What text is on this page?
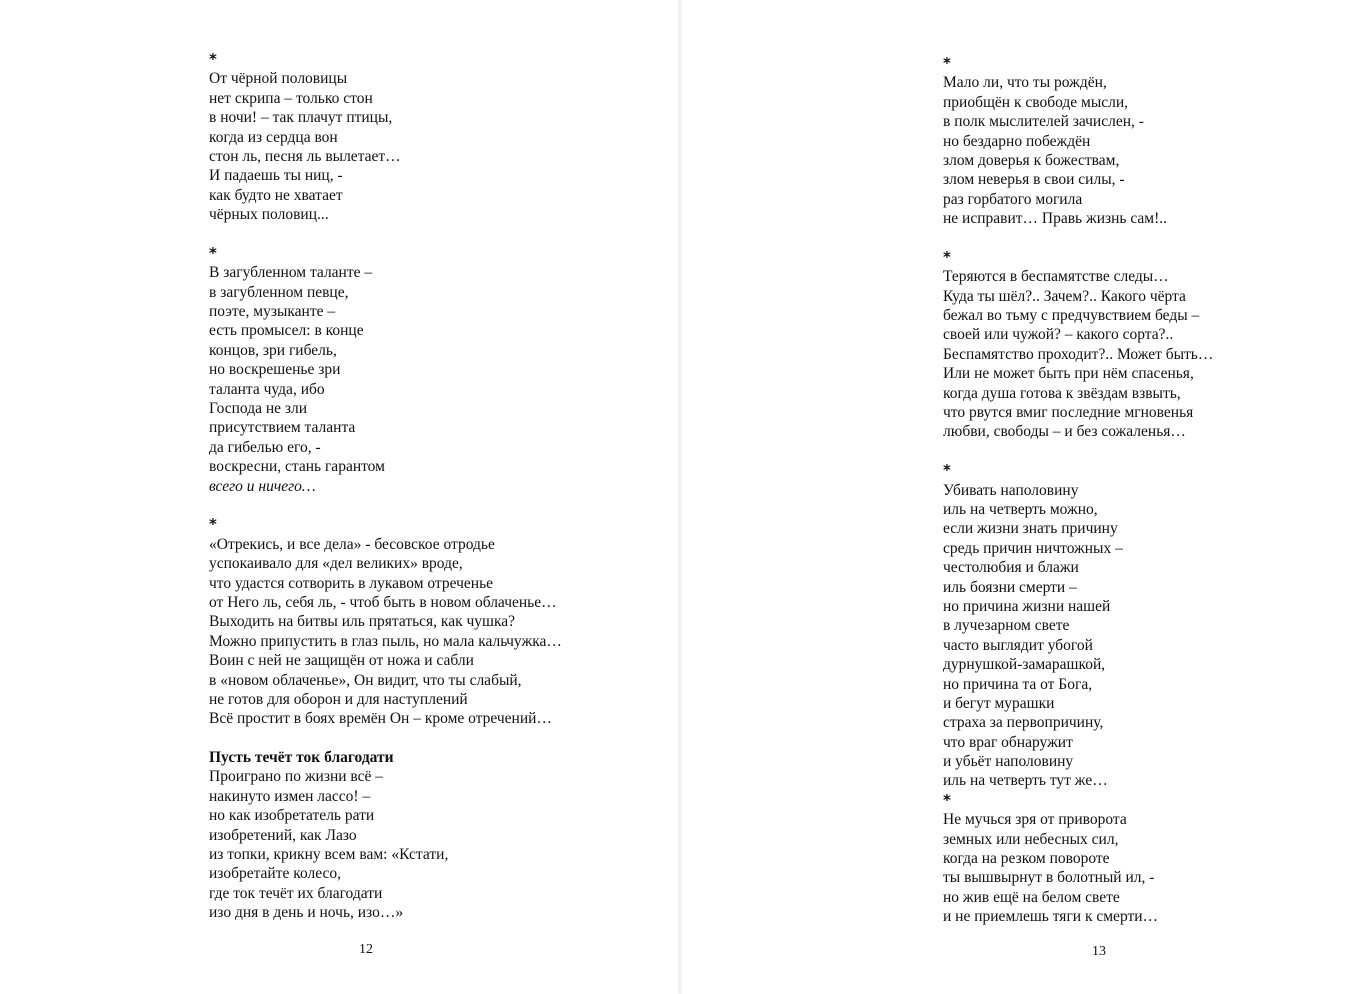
*
От чёрной половицы
нет скрипа – только стон
в ночи! – так плачут птицы,
когда из сердца вон
стон ль, песня ль вылетает…
И падаешь ты ниц, -
как будто не хватает
чёрных половиц...
*
В загубленном таланте –
в загубленном певце,
поэте, музыканте –
есть промысел: в конце
концов, зри гибель,
но воскрешенье зри
таланта чуда, ибо
Господа не зли
присутствием таланта
да гибелью его, -
воскресни, стань гарантом
всего и ничего…
*
«Отрекись, и все дела» - бесовское отродье
успокаивало для «дел великих» вроде,
что удастся сотворить в лукавом отреченье
от Него ль, себя ль, - чтоб быть в новом облаченье…
Выходить на битвы иль прятаться, как чушка?
Можно припустить в глаз пыль, но мала кальчужка…
Воин с ней не защищён от ножа и сабли
в «новом облаченье», Он видит, что ты слабый,
не готов для оборон и для наступлений
Всё простит в боях времён Он – кроме отречений…
Пусть течёт ток благодати
Проиграно по жизни всё –
накинуто измен лассо! –
но как изобретатель рати
изобретений, как Лазо
из топки, крикну всем вам: «Кстати,
изобретайте колесо,
где ток течёт их благодати
изо дня в день и ночь, изо…»
12
*
Мало ли, что ты рождён,
приобщён к свободе мысли,
в полк мыслителей зачислен, -
но бездарно побеждён
злом доверья к божествам,
злом неверья в свои силы, -
раз горбатого могила
не исправит… Правь жизнь сам!..
*
Теряются в беспамятстве следы…
Куда ты шёл?.. Зачем?.. Какого чёрта
бежал во тьму с предчувствием беды –
своей или чужой? – какого сорта?..
Беспамятство проходит?.. Может быть…
Или не может быть при нём спасенья,
когда душа готова к звёздам взвыть,
что рвутся вмиг последние мгновенья
любви, свободы – и без сожаленья…
*
Убивать наполовину
иль на четверть можно,
если жизни знать причину
средь причин ничтожных –
честолюбия и блажи
иль боязни смерти –
но причина жизни нашей
в лучезарном свете
часто выглядит убогой
дурнушкой-замарашкой,
но причина та от Бога,
и бегут мурашки
страха за первопричину,
что враг обнаружит
и убьёт наполовину
иль на четверть тут же…
*
Не мучься зря от приворота
земных или небесных сил,
когда на резком повороте
ты вышвырнут в болотный ил, -
но жив ещё на белом свете
и не приемлешь тяги к смерти…
13
